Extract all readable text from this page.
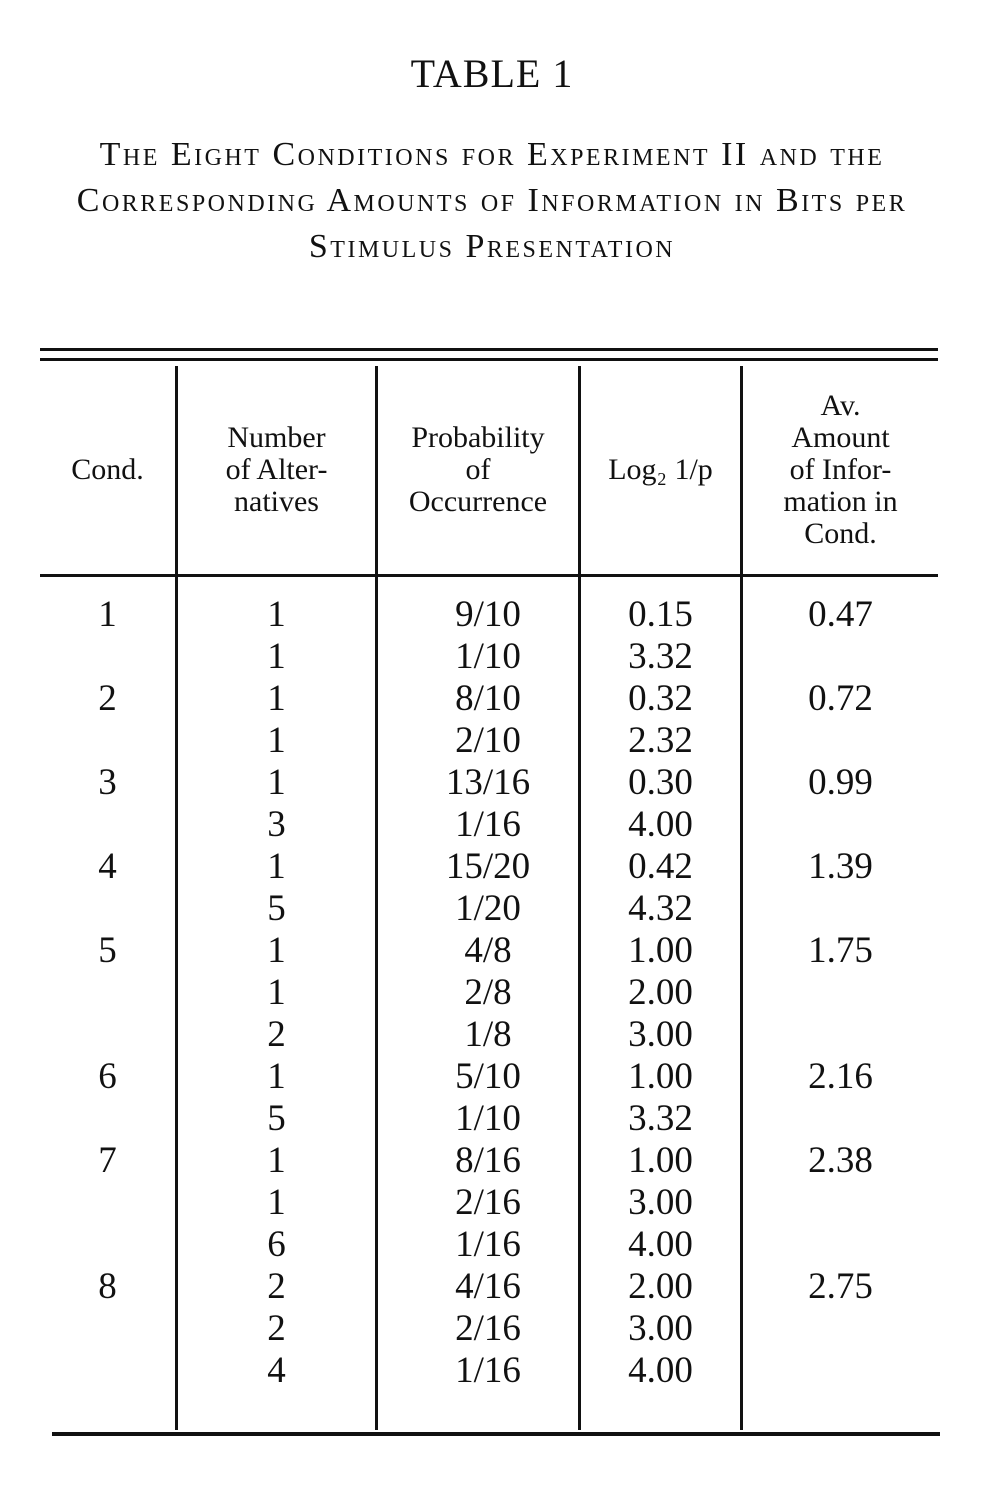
TABLE 1
The Eight Conditions for Experiment II and the Corresponding Amounts of Information in Bits per Stimulus Presentation
Cond.
Number
of Alter-
natives
Probability
of
Occurrence
Log₂ 1/p
Av.
Amount
of Infor-
mation in
Cond.
1
2
3
4
5
6
7
8
1
1
1
1
1
3
1
5
1
1
2
1
5
1
1
6
2
2
4
9/10
1/10
8/10
2/10
13/16
1/16
15/20
1/20
4/8
2/8
1/8
5/10
1/10
8/16
2/16
1/16
4/16
2/16
1/16
0.15
3.32
0.32
2.32
0.30
4.00
0.42
4.32
1.00
2.00
3.00
1.00
3.32
1.00
3.00
4.00
2.00
3.00
4.00
0.47
0.72
0.99
1.39
1.75
2.16
2.38
2.75
